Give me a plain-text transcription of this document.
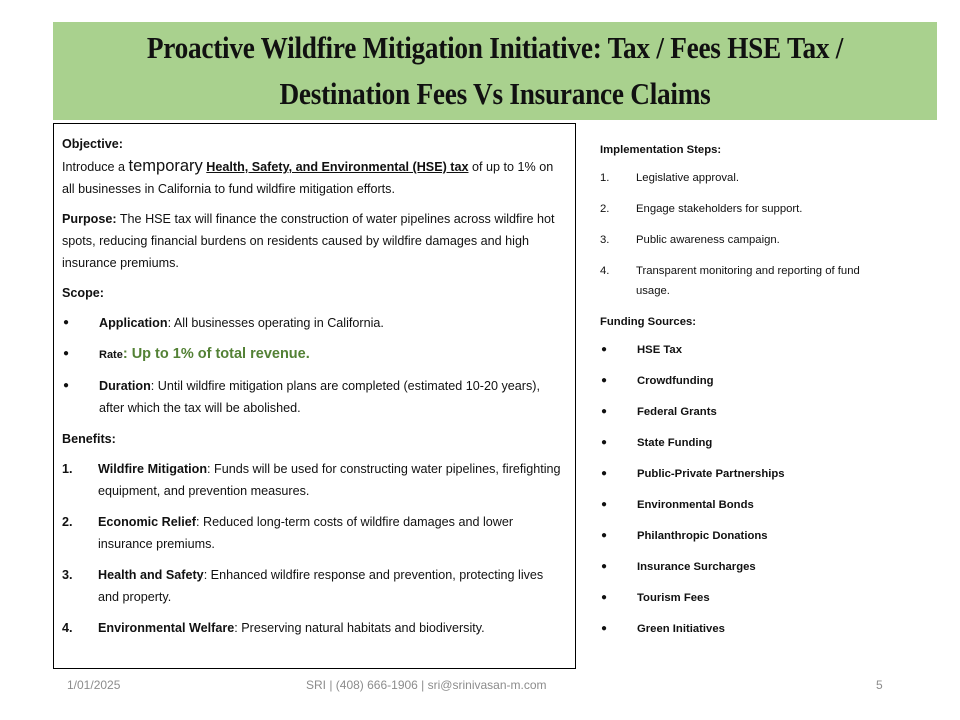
Proactive Wildfire Mitigation Initiative: Tax / Fees HSE Tax / Destination Fees Vs Insurance Claims

Objective:
Introduce a temporary Health, Safety, and Environmental (HSE) tax of up to 1% on all businesses in California to fund wildfire mitigation efforts.

Purpose: The HSE tax will finance the construction of water pipelines across wildfire hot spots, reducing financial burdens on residents caused by wildfire damages and high insurance premiums.

Scope:

●	Application: All businesses operating in California.
●	Rate: Up to 1% of total revenue.
●	Duration: Until wildfire mitigation plans are completed (estimated 10-20 years), after which the tax will be abolished.

Benefits:

1.	Wildfire Mitigation: Funds will be used for constructing water pipelines, firefighting equipment, and prevention measures.
2.	Economic Relief: Reduced long-term costs of wildfire damages and lower insurance premiums.
3.	Health and Safety: Enhanced wildfire response and prevention, protecting lives and property.
4.	Environmental Welfare: Preserving natural habitats and biodiversity.

Implementation Steps:

1.	Legislative approval.
2.	Engage stakeholders for support.
3.	Public awareness campaign.
4.	Transparent monitoring and reporting of fund usage.

Funding Sources:

●	HSE Tax
●	Crowdfunding
●	Federal Grants
●	State Funding
●	Public-Private Partnerships
●	Environmental Bonds
●	Philanthropic Donations
●	Insurance Surcharges
●	Tourism Fees
●	Green Initiatives
1/01/2025	SRI | (408) 666-1906 | sri@srinivasan-m.com	5
